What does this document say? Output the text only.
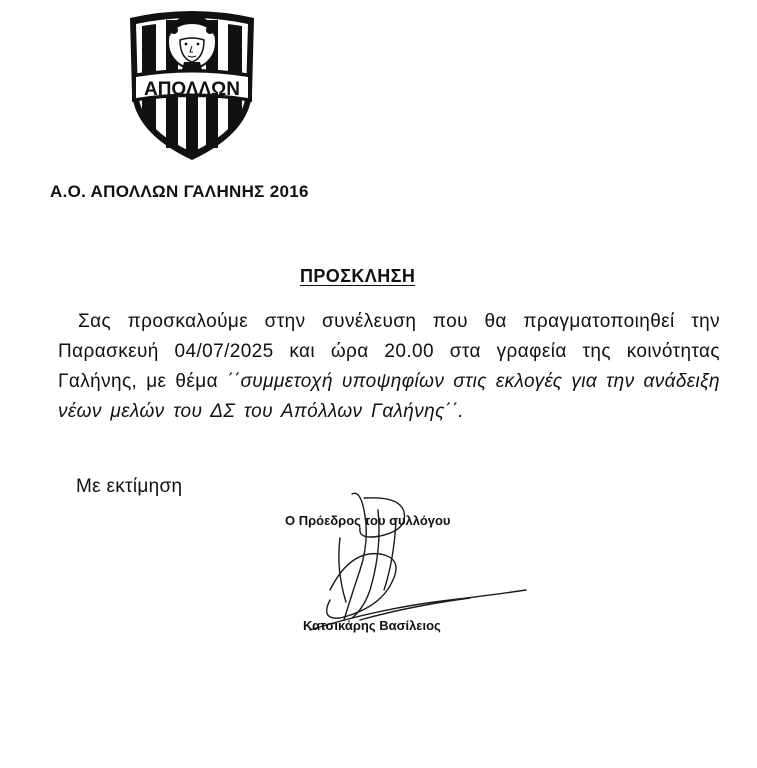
ΑΠΟΛΛΩΝ
Α.Ο. ΑΠΟΛΛΩΝ ΓΑΛΗΝΗΣ 2016
ΠΡΟΣΚΛΗΣΗ
Σας προσκαλούμε στην συνέλευση που θα πραγματοποιηθεί την Παρασκευή 04/07/2025 και ώρα 20.00 στα γραφεία της κοινότητας Γαλήνης, με θέμα ΄΄συμμετοχή υποψηφίων στις εκλογές για την ανάδειξη νέων μελών του ΔΣ του Απόλλων Γαλήνης΄΄.
Με εκτίμηση
Ο Πρόεδρος του συλλόγου
Κατσικάρης Βασίλειος
